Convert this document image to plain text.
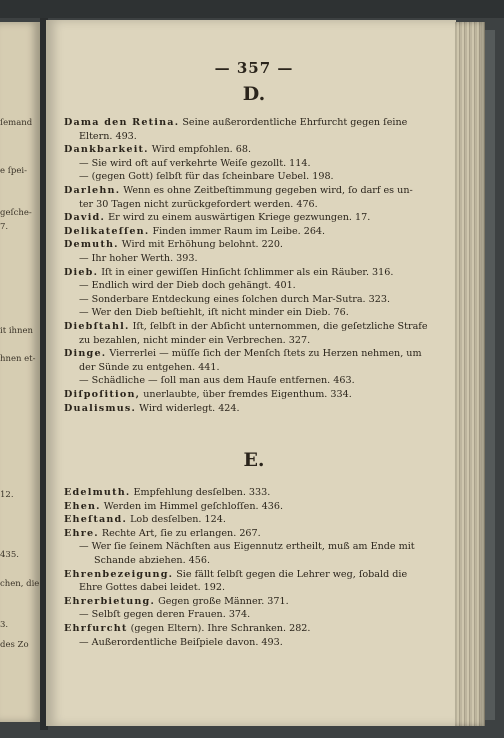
ſemand
e ſpei-
geſche-
7.
it ihnen
hnen et-
12.
435.
chen, die
3.
des Zo
— 357 —
D.
Dama den Retina. Seine außerordentliche Ehrfurcht gegen ſeine
Eltern. 493.
Dankbarkeit. Wird empfohlen. 68.
— Sie wird oft auf verkehrte Weiſe gezollt. 114.
— (gegen Gott) ſelbſt für das ſcheinbare Uebel. 198.
Darlehn. Wenn es ohne Zeitbeſtimmung gegeben wird, ſo darf es un-
ter 30 Tagen nicht zurückgefordert werden. 476.
David. Er wird zu einem auswärtigen Kriege gezwungen. 17.
Delikateſſen. Finden immer Raum im Leibe. 264.
Demuth. Wird mit Erhöhung belohnt. 220.
— Ihr hoher Werth. 393.
Dieb. Iſt in einer gewiſſen Hinſicht ſchlimmer als ein Räuber. 316.
— Endlich wird der Dieb doch gehängt. 401.
— Sonderbare Entdeckung eines ſolchen durch Mar-Sutra. 323.
— Wer den Dieb beſtiehlt, iſt nicht minder ein Dieb. 76.
Diebſtahl. Iſt, ſelbſt in der Abſicht unternommen, die geſetzliche Strafe
zu bezahlen, nicht minder ein Verbrechen. 327.
Dinge. Vierrerlei — müſſe ſich der Menſch ſtets zu Herzen nehmen, um
der Sünde zu entgehen. 441.
— Schädliche — ſoll man aus dem Hauſe entfernen. 463.
Diſpoſition, unerlaubte, über fremdes Eigenthum. 334.
Dualismus. Wird widerlegt. 424.
E.
Edelmuth. Empfehlung desſelben. 333.
Ehen. Werden im Himmel geſchloſſen. 436.
Eheſtand. Lob desſelben. 124.
Ehre. Rechte Art, ſie zu erlangen. 267.
— Wer ſie ſeinem Nächſten aus Eigennutz ertheilt, muß am Ende mit
Schande abziehen. 456.
Ehrenbezeigung. Sie fällt ſelbſt gegen die Lehrer weg, ſobald die
Ehre Gottes dabei leidet. 192.
Ehrerbietung. Gegen große Männer. 371.
— Selbſt gegen deren Frauen. 374.
Ehrfurcht (gegen Eltern). Ihre Schranken. 282.
— Außerordentliche Beiſpiele davon. 493.
